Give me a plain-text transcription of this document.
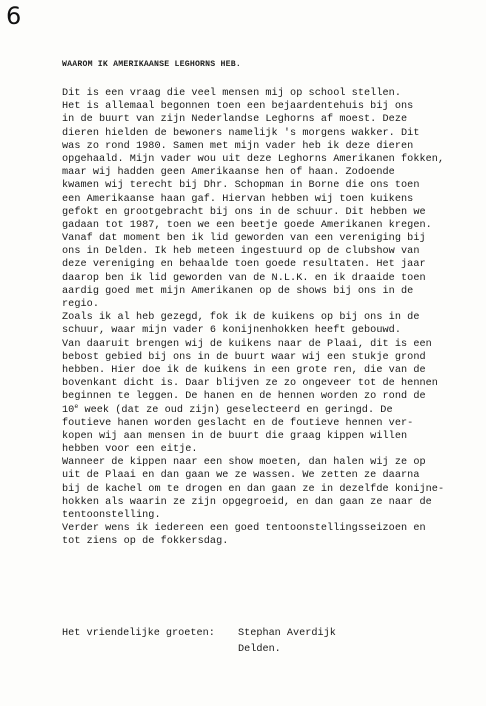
6
WAAROM IK AMERIKAANSE LEGHORNS HEB.
Dit is een vraag die veel mensen mij op school stellen.
Het is allemaal begonnen toen een bejaardentehuis bij ons
in de buurt van zijn Nederlandse Leghorns af moest. Deze
dieren hielden de bewoners namelijk 's morgens wakker. Dit
was zo rond 1980. Samen met mijn vader heb ik deze dieren
opgehaald. Mijn vader wou uit deze Leghorns Amerikanen fokken,
maar wij hadden geen Amerikaanse hen of haan. Zodoende
kwamen wij terecht bij Dhr. Schopman in Borne die ons toen
een Amerikaanse haan gaf. Hiervan hebben wij toen kuikens
gefokt en grootgebracht bij ons in de schuur. Dit hebben we
gadaan tot 1987, toen we een beetje goede Amerikanen kregen.
Vanaf dat moment ben ik lid geworden van een vereniging bij
ons in Delden. Ik heb meteen ingestuurd op de clubshow van
deze vereniging en behaalde toen goede resultaten. Het jaar
daarop ben ik lid geworden van de N.L.K. en ik draaide toen
aardig goed met mijn Amerikanen op de shows bij ons in de
regio.
Zoals ik al heb gezegd, fok ik de kuikens op bij ons in de
schuur, waar mijn vader 6 konijnenhokken heeft gebouwd.
Van daaruit brengen wij de kuikens naar de Plaai, dit is een
bebost gebied bij ons in de buurt waar wij een stukje grond
hebben. Hier doe ik de kuikens in een grote ren, die van de
bovenkant dicht is. Daar blijven ze zo ongeveer tot de hennen
beginnen te leggen. De hanen en de hennen worden zo rond de
10e week (dat ze oud zijn) geselecteerd en geringd. De
foutieve hanen worden geslacht en de foutieve hennen ver-
kopen wij aan mensen in de buurt die graag kippen willen
hebben voor een eitje.
Wanneer de kippen naar een show moeten, dan halen wij ze op
uit de Plaai en dan gaan we ze wassen. We zetten ze daarna
bij de kachel om te drogen en dan gaan ze in dezelfde konijne-
hokken als waarin ze zijn opgegroeid, en dan gaan ze naar de
tentoonstelling.
Verder wens ik iedereen een goed tentoonstellingsseizoen en
tot ziens op de fokkersdag.
Het vriendelijke groeten: Stephan Averdijk
Delden.
